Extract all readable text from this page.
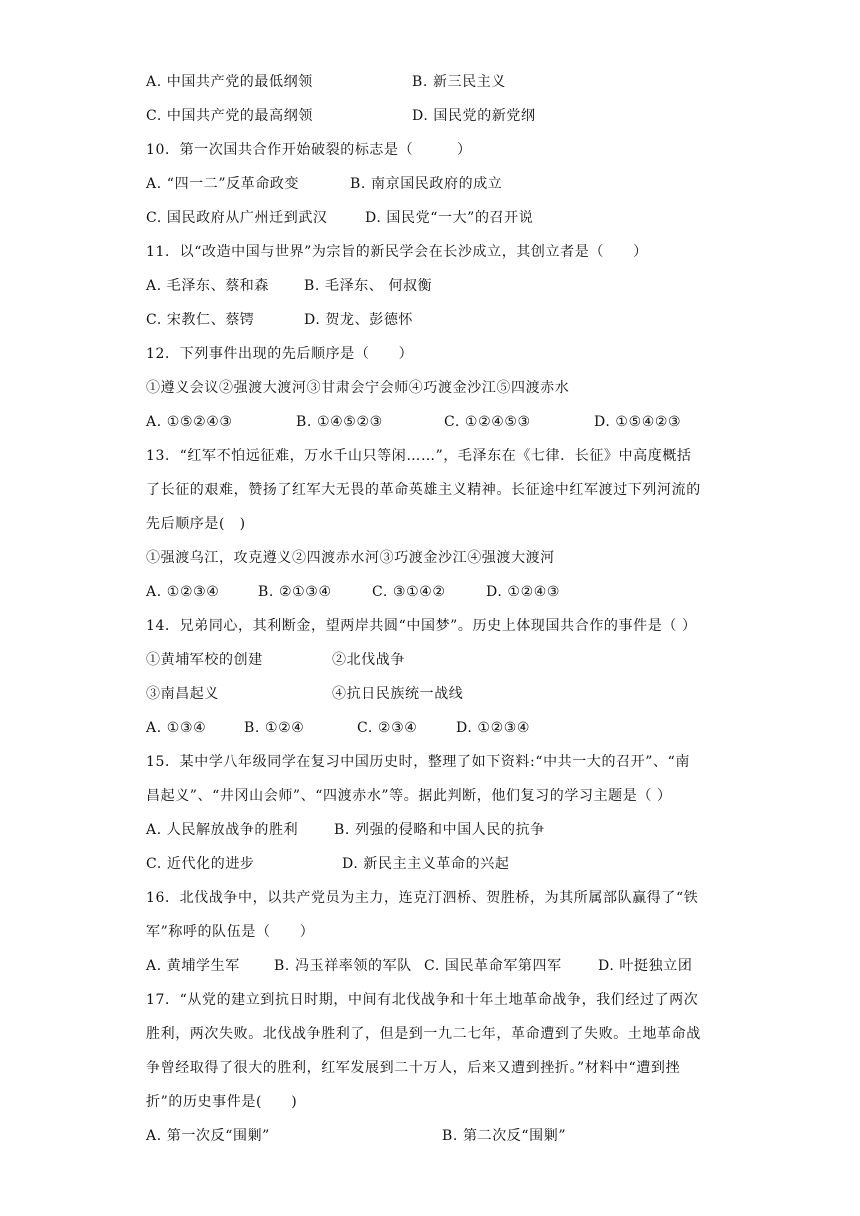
A. 中国共产党的最低纲领	B. 新三民主义
C. 中国共产党的最高纲领	D. 国民党的新党纲
10．第一次国共合作开始破裂的标志是（　　　）
A. “四一二”反革命政变	B. 南京国民政府的成立
C. 国民政府从广州迁到武汉	D. 国民党“一大”的召开说
11．以“改造中国与世界”为宗旨的新民学会在长沙成立，其创立者是（　　）
A. 毛泽东、蔡和森 B. 毛泽东、 何叔衡
C. 宋教仁、蔡锷	D. 贺龙、彭德怀
12．下列事件出现的先后顺序是（　　）
①遵义会议②强渡大渡河③甘肃会宁会师④巧渡金沙江⑤四渡赤水
A. ①⑤②④③	B. ①④⑤②③	C. ①②④⑤③	D. ①⑤④②③
13．“红军不怕远征难，万水千山只等闲……”，毛泽东在《七律．长征》中高度概括
了长征的艰难，赞扬了红军大无畏的革命英雄主义精神。长征途中红军渡过下列河流的
先后顺序是(　)
①强渡乌江，攻克遵义②四渡赤水河③巧渡金沙江④强渡大渡河
A. ①②③④	B. ②①③④	C. ③①④②	D. ①②④③
14．兄弟同心，其利断金，望两岸共圆“中国梦”。历史上体现国共合作的事件是（ ）
①黄埔军校的创建	②北伐战争
③南昌起义	④抗日民族统一战线
A. ①③④	B. ①②④	C. ②③④	D. ①②③④
15．某中学八年级同学在复习中国历史时，整理了如下资料:“中共一大的召开”、“南
昌起义”、“井冈山会师”、“四渡赤水”等。据此判断，他们复习的学习主题是（ ）
A. 人民解放战争的胜利	B. 列强的侵略和中国人民的抗争
C. 近代化的进步	D. 新民主主义革命的兴起
16．北伐战争中，以共产党员为主力，连克汀泗桥、贺胜桥，为其所属部队赢得了“铁
军”称呼的队伍是（　　）
A. 黄埔学生军 B. 冯玉祥率领的军队 C. 国民革命军第四军	D. 叶挺独立团
17．“从党的建立到抗日时期，中间有北伐战争和十年土地革命战争，我们经过了两次
胜利，两次失败。北伐战争胜利了，但是到一九二七年，革命遭到了失败。土地革命战
争曾经取得了很大的胜利，红军发展到二十万人，后来又遭到挫折。”材料中“遭到挫
折”的历史事件是(　　)
A. 第一次反“围剿”	B. 第二次反“围剿”
